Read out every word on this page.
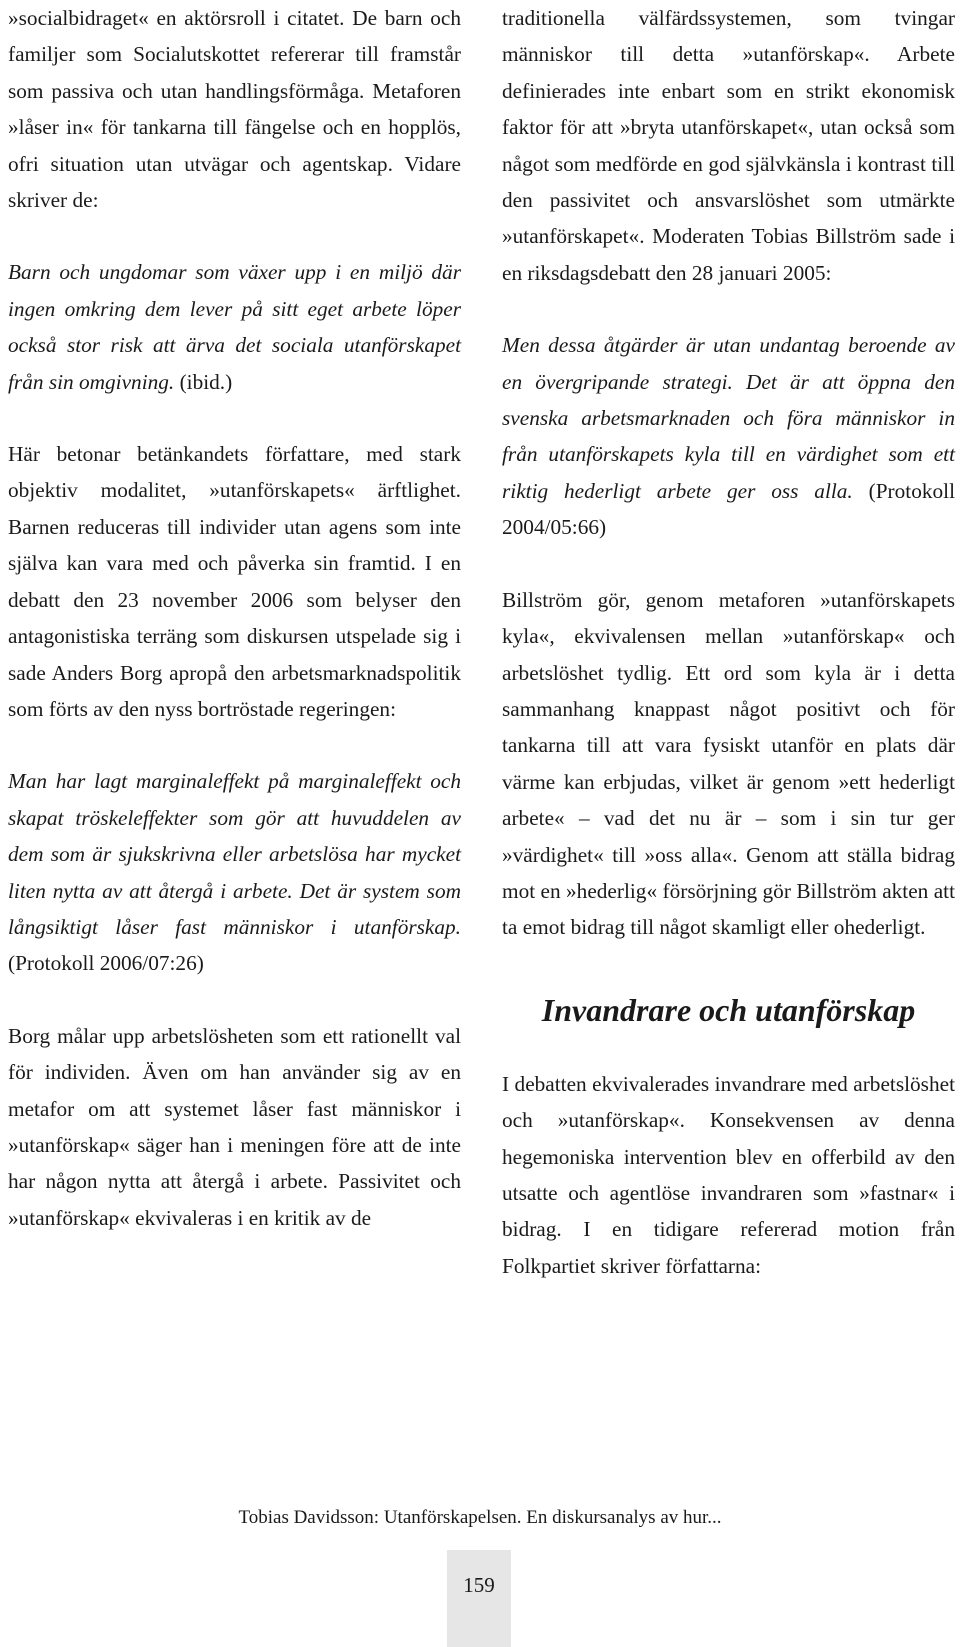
»socialbidraget« en aktörsroll i citatet. De barn och familjer som Socialutskottet refererar till framstår som passiva och utan handlingsförmåga. Metaforen »låser in« för tankarna till fängelse och en hopplös, ofri situation utan utvägar och agentskap. Vidare skriver de:

Barn och ungdomar som växer upp i en miljö där ingen omkring dem lever på sitt eget arbete löper också stor risk att ärva det sociala utanförskapet från sin omgivning. (ibid.)

Här betonar betänkandets författare, med stark objektiv modalitet, »utanförskapets« ärftlighet. Barnen reduceras till individer utan agens som inte själva kan vara med och påverka sin framtid. I en debatt den 23 november 2006 som belyser den antagonistiska terräng som diskursen utspelade sig i sade Anders Borg apropå den arbetsmarknadspolitik som förts av den nyss bortröstade regeringen:

Man har lagt marginaleffekt på marginaleffekt och skapat tröskeleffekter som gör att huvuddelen av dem som är sjukskrivna eller arbetslösa har mycket liten nytta av att återgå i arbete. Det är system som långsiktigt låser fast människor i utanförskap. (Protokoll 2006/07:26)

Borg målar upp arbetslösheten som ett rationellt val för individen. Även om han använder sig av en metafor om att systemet låser fast människor i »utanförskap« säger han i meningen före att de inte har någon nytta att återgå i arbete. Passivitet och »utanförskap« ekvivaleras i en kritik av de

traditionella välfärdssystemen, som tvingar människor till detta »utanförskap«. Arbete definierades inte enbart som en strikt ekonomisk faktor för att »bryta utanförskapet«, utan också som något som medförde en god självkänsla i kontrast till den passivitet och ansvarslöshet som utmärkte »utanförskapet«. Moderaten Tobias Billström sade i en riksdagsdebatt den 28 januari 2005:

Men dessa åtgärder är utan undantag beroende av en övergripande strategi. Det är att öppna den svenska arbetsmarknaden och föra människor in från utanförskapets kyla till en värdighet som ett riktig hederligt arbete ger oss alla. (Protokoll 2004/05:66)

Billström gör, genom metaforen »utanförskapets kyla«, ekvivalensen mellan »utanförskap« och arbetslöshet tydlig. Ett ord som kyla är i detta sammanhang knappast något positivt och för tankarna till att vara fysiskt utanför en plats där värme kan erbjudas, vilket är genom »ett hederligt arbete« – vad det nu är – som i sin tur ger »värdighet« till »oss alla«. Genom att ställa bidrag mot en »hederlig« försörjning gör Billström akten att ta emot bidrag till något skamligt eller ohederligt.

Invandrare och utanförskap

I debatten ekvivalerades invandrare med arbetslöshet och »utanförskap«. Konsekvensen av denna hegemoniska intervention blev en offerbild av den utsatte och agentlöse invandraren som »fastnar« i bidrag. I en tidigare refererad motion från Folkpartiet skriver författarna:

Tobias Davidsson: Utanförskapelsen. En diskursanalys av hur...
159
